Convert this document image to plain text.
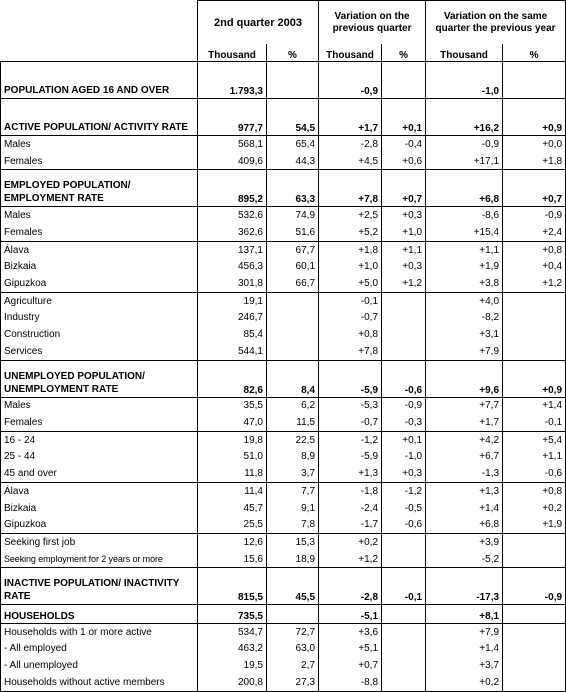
	2nd quarter 2003		Variation on the previous quarter		Variation on the same quarter the previous year	
	Thousand	%	Thousand	%	Thousand	%
POPULATION AGED 16 AND OVER	1.793,3		-0,9		-1,0	
ACTIVE POPULATION/ ACTIVITY RATE	977,7	54,5	+1,7	+0,1	+16,2	+0,9
Males	568,1	65,4	-2,8	-0,4	-0,9	+0,0
Females	409,6	44,3	+4,5	+0,6	+17,1	+1,8
EMPLOYED POPULATION/ EMPLOYMENT RATE	895,2	63,3	+7,8	+0,7	+6,8	+0,7
Males	532,6	74,9	+2,5	+0,3	-8,6	-0,9
Females	362,6	51,6	+5,2	+1,0	+15,4	+2,4
Álava	137,1	67,7	+1,8	+1,1	+1,1	+0,8
Bizkaia	456,3	60,1	+1,0	+0,3	+1,9	+0,4
Gipuzkoa	301,8	66,7	+5,0	+1,2	+3,8	+1,2
Agriculture	19,1		-0,1		+4,0	
Industry	246,7		-0,7		-8,2	
Construction	85,4		+0,8		+3,1	
Services	544,1		+7,8		+7,9	
UNEMPLOYED POPULATION/ UNEMPLOYMENT RATE	82,6	8,4	-5,9	-0,6	+9,6	+0,9
Males	35,5	6,2	-5,3	-0,9	+7,7	+1,4
Females	47,0	11,5	-0,7	-0,3	+1,7	-0,1
16 - 24	19,8	22,5	-1,2	+0,1	+4,2	+5,4
25 - 44	51,0	8,9	-5,9	-1,0	+6,7	+1,1
45 and over	11,8	3,7	+1,3	+0,3	-1,3	-0,6
Álava	11,4	7,7	-1,8	-1,2	+1,3	+0,8
Bizkaia	45,7	9,1	-2,4	-0,5	+1,4	+0,2
Gipuzkoa	25,5	7,8	-1,7	-0,6	+6,8	+1,9
Seeking first job	12,6	15,3	+0,2		+3,9	
Seeking employment for 2 years or more	15,6	18,9	+1,2		-5,2	
INACTIVE POPULATION/ INACTIVITY RATE	815,5	45,5	-2,8	-0,1	-17,3	-0,9
HOUSEHOLDS	735,5		-5,1		+8,1	
Households with 1 or more active	534,7	72,7	+3,6		+7,9	
- All employed	463,2	63,0	+5,1		+1,4	
- All unemployed	19,5	2,7	+0,7		+3,7	
Households without active members	200,8	27,3	-8,8		+0,2	
